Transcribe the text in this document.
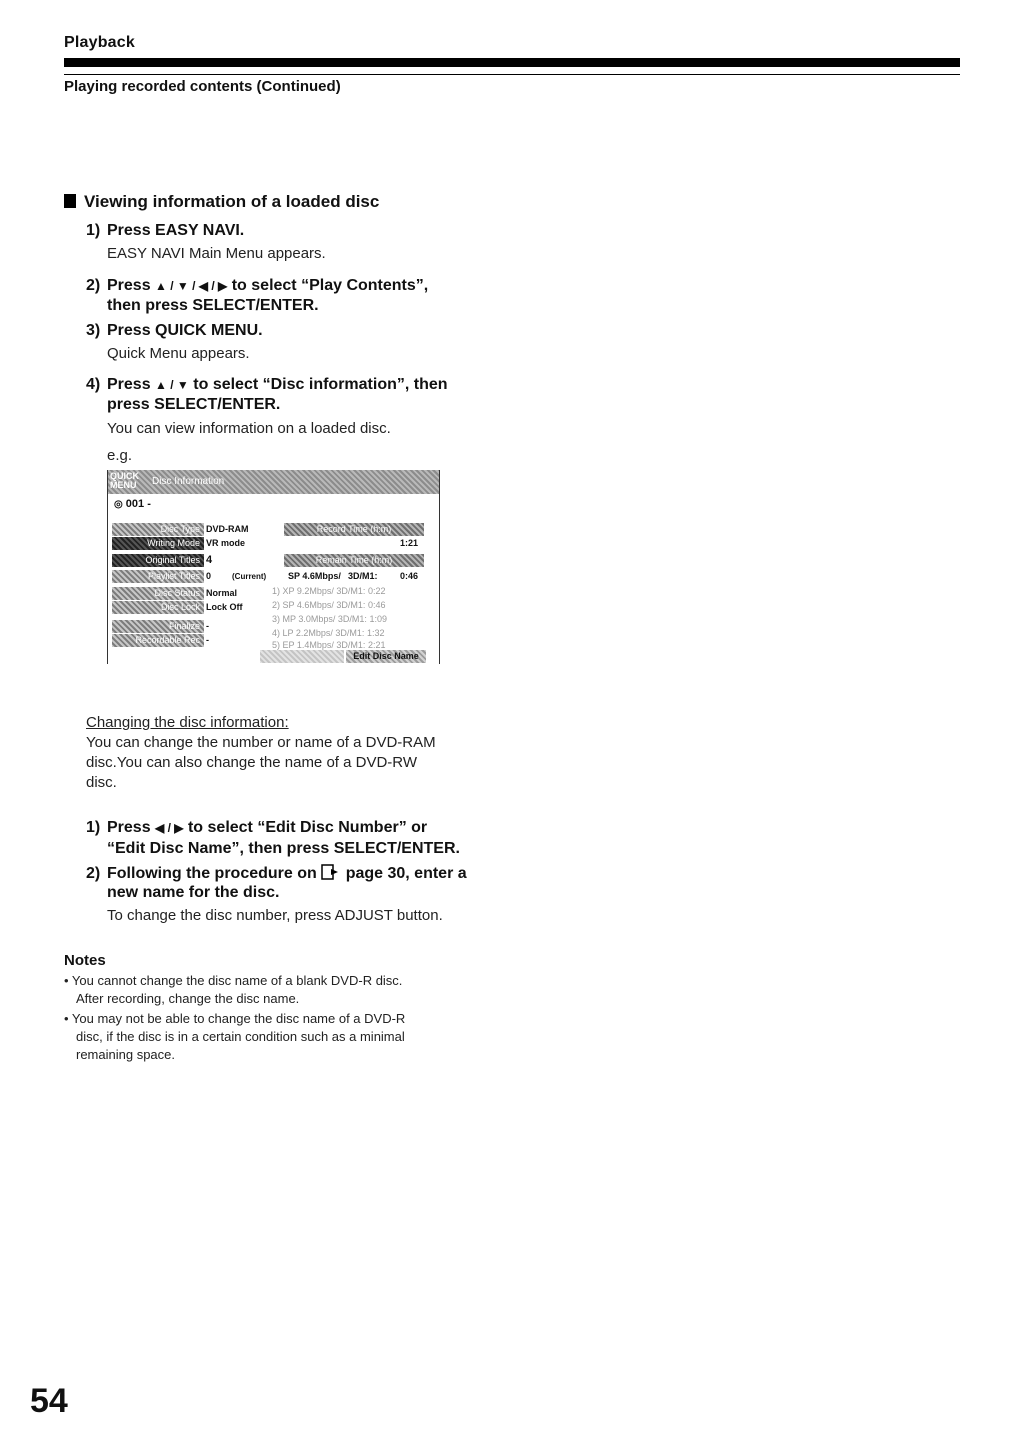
Playback
Playing recorded contents (Continued)
Viewing information of a loaded disc
1) Press EASY NAVI.
EASY NAVI Main Menu appears.
2) Press ▲ / ▼ / ◀ / ▶ to select “Play Contents”,
then press SELECT/ENTER.
3) Press QUICK MENU.
Quick Menu appears.
4) Press ▲ / ▼ to select “Disc information”, then
press SELECT/ENTER.
You can view information on a loaded disc.
e.g.
QUICK
MENU Disc Information
◎ 001 -
Disc Type
Writing Mode
Original Titles
Playlist Titles
Disc Status
Disc Lock
Finalize
Recordable Rec
DVD-RAM
VR mode
4
0
Normal
Lock Off
-
-
Record Time (h:m)
1:21
Remain Time (h:m)
(Current) SP 4.6Mbps/ 3D/M1: 0:46
1) XP 9.2Mbps/ 3D/M1: 0:22
2) SP 4.6Mbps/ 3D/M1: 0:46
3) MP 3.0Mbps/ 3D/M1: 1:09
4) LP 2.2Mbps/ 3D/M1: 1:32
5) EP 1.4Mbps/ 3D/M1: 2:21
Edit Disc Name
Changing the disc information:
You can change the number or name of a DVD-RAM
disc.You can also change the name of a DVD-RW
disc.
1) Press ◀ / ▶ to select “Edit Disc Number” or
“Edit Disc Name”, then press SELECT/ENTER.
2) Following the procedure on page 30, enter a
new name for the disc.
To change the disc number, press ADJUST button.
Notes
• You cannot change the disc name of a blank DVD-R disc.
After recording, change the disc name.
• You may not be able to change the disc name of a DVD-R
disc, if the disc is in a certain condition such as a minimal
remaining space.
54
